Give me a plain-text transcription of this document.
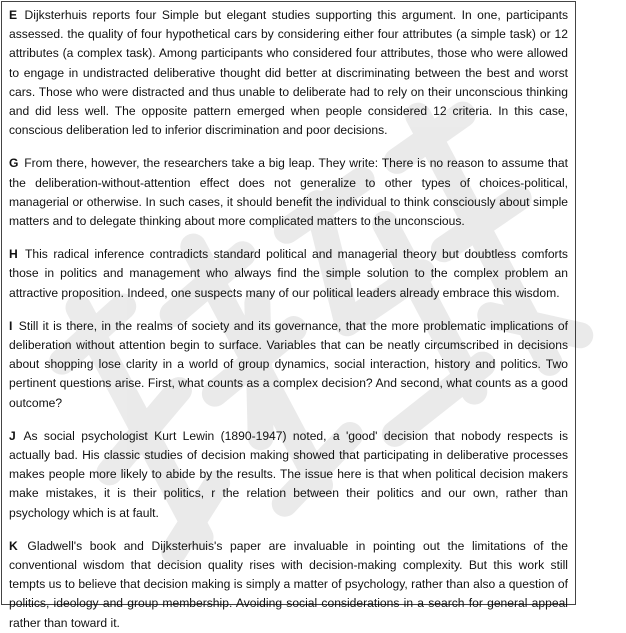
E Dijksterhuis reports four Simple but elegant studies supporting this argument. In one, participants assessed. the quality of four hypothetical cars by considering either four attributes (a simple task) or 12 attributes (a complex task). Among participants who considered four attributes, those who were allowed to engage in undistracted deliberative thought did better at discriminating between the best and worst cars. Those who were distracted and thus unable to deliberate had to rely on their unconscious thinking and did less well. The opposite pattern emerged when people considered 12 criteria. In this case, conscious deliberation led to inferior discrimination and poor decisions.

G From there, however, the researchers take a big leap. They write: There is no reason to assume that the deliberation-without-attention effect does not generalize to other types of choices-political, managerial or otherwise. In such cases, it should benefit the individual to think consciously about simple matters and to delegate thinking about more complicated matters to the unconscious.

H This radical inference contradicts standard political and managerial theory but doubtless comforts those in politics and management who always find the simple solution to the complex problem an attractive proposition. Indeed, one suspects many of our political leaders already embrace this wisdom.

I Still it is there, in the realms of society and its governance, that the more problematic implications of deliberation without attention begin to surface. Variables that can be neatly circumscribed in decisions about shopping lose clarity in a world of group dynamics, social interaction, history and politics. Two pertinent questions arise. First, what counts as a complex decision? And second, what counts as a good outcome?

J As social psychologist Kurt Lewin (1890-1947) noted, a 'good' decision that nobody respects is actually bad. His classic studies of decision making showed that participating in deliberative processes makes people more likely to abide by the results. The issue here is that when political decision makers make mistakes, it is their politics, r the relation between their politics and our own, rather than psychology which is at fault.

K Gladwell's book and Dijksterhuis's paper are invaluable in pointing out the limitations of the conventional wisdom that decision quality rises with decision-making complexity. But this work still tempts us to believe that decision making is simply a matter of psychology, rather than also a question of politics, ideology and group membership. Avoiding social considerations in a search for general appeal rather than toward it.
